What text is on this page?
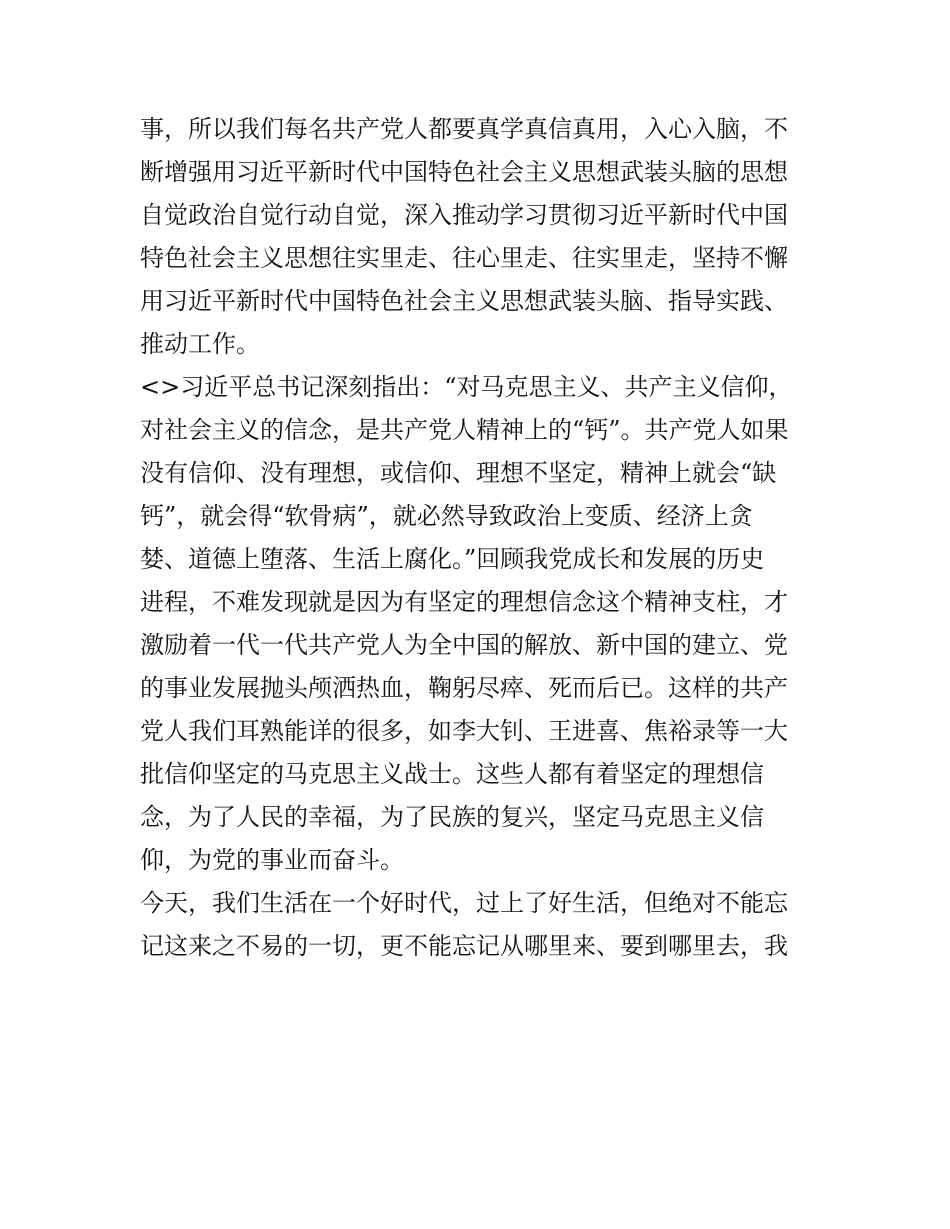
事，所以我们每名共产党人都要真学真信真用，入心入脑，不
断增强用习近平新时代中国特色社会主义思想武装头脑的思想
自觉政治自觉行动自觉，深入推动学习贯彻习近平新时代中国
特色社会主义思想往实里走、往心里走、往实里走，坚持不懈
用习近平新时代中国特色社会主义思想武装头脑、指导实践、
推动工作。
<>习近平总书记深刻指出：“对马克思主义、共产主义信仰，
对社会主义的信念，是共产党人精神上的“钙”。共产党人如果
没有信仰、没有理想，或信仰、理想不坚定，精神上就会“缺
钙”，就会得“软骨病”，就必然导致政治上变质、经济上贪
婪、道德上堕落、生活上腐化。”回顾我党成长和发展的历史
进程，不难发现就是因为有坚定的理想信念这个精神支柱，才
激励着一代一代共产党人为全中国的解放、新中国的建立、党
的事业发展抛头颅洒热血，鞠躬尽瘁、死而后已。这样的共产
党人我们耳熟能详的很多，如李大钊、王进喜、焦裕录等一大
批信仰坚定的马克思主义战士。这些人都有着坚定的理想信
念，为了人民的幸福，为了民族的复兴，坚定马克思主义信
仰，为党的事业而奋斗。
今天，我们生活在一个好时代，过上了好生活，但绝对不能忘
记这来之不易的一切，更不能忘记从哪里来、要到哪里去，我
